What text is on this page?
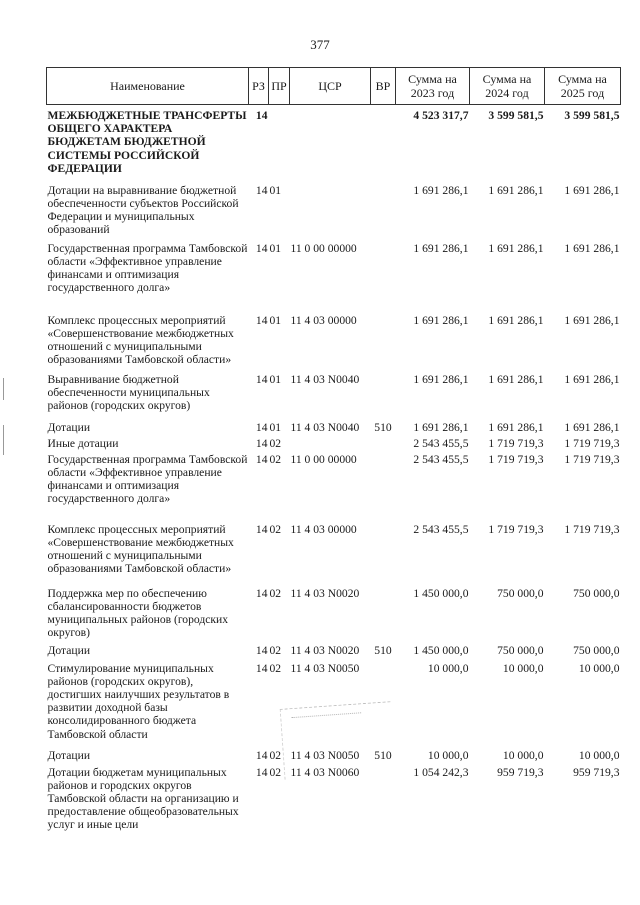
377
Наименование	РЗ	ПР	ЦСР	ВР	Сумма на 2023 год	Сумма на 2024 год	Сумма на 2025 год
МЕЖБЮДЖЕТНЫЕ ТРАНСФЕРТЫ ОБЩЕГО ХАРАКТЕРА БЮДЖЕТАМ БЮДЖЕТНОЙ СИСТЕМЫ РОССИЙСКОЙ ФЕДЕРАЦИИ	14				4 523 317,7	3 599 581,5	3 599 581,5
Дотации на выравнивание бюджетной обеспеченности субъектов Российской Федерации и муниципальных образований	14	01			1 691 286,1	1 691 286,1	1 691 286,1
Государственная программа Тамбовской области «Эффективное управление финансами и оптимизация государственного долга»	14	01	11 0 00 00000		1 691 286,1	1 691 286,1	1 691 286,1
Комплекс процессных мероприятий «Совершенствование межбюджетных отношений с муниципальными образованиями Тамбовской области»	14	01	11 4 03 00000		1 691 286,1	1 691 286,1	1 691 286,1
Выравнивание бюджетной обеспеченности муниципальных районов (городских округов)	14	01	11 4 03 N0040		1 691 286,1	1 691 286,1	1 691 286,1
Дотации	14	01	11 4 03 N0040	510	1 691 286,1	1 691 286,1	1 691 286,1
Иные дотации	14	02			2 543 455,5	1 719 719,3	1 719 719,3
Государственная программа Тамбовской области «Эффективное управление финансами и оптимизация государственного долга»	14	02	11 0 00 00000		2 543 455,5	1 719 719,3	1 719 719,3
Комплекс процессных мероприятий «Совершенствование межбюджетных отношений с муниципальными образованиями Тамбовской области»	14	02	11 4 03 00000		2 543 455,5	1 719 719,3	1 719 719,3
Поддержка мер по обеспечению сбалансированности бюджетов муниципальных районов (городских округов)	14	02	11 4 03 N0020		1 450 000,0	750 000,0	750 000,0
Дотации	14	02	11 4 03 N0020	510	1 450 000,0	750 000,0	750 000,0
Стимулирование муниципальных районов (городских округов), достигших наилучших результатов в развитии доходной базы консолидированного бюджета Тамбовской области	14	02	11 4 03 N0050		10 000,0	10 000,0	10 000,0
Дотации	14	02	11 4 03 N0050	510	10 000,0	10 000,0	10 000,0
Дотации бюджетам муниципальных районов и городских округов Тамбовской области на организацию и предоставление общеобразовательных услуг и иные цели	14	02	11 4 03 N0060		1 054 242,3	959 719,3	959 719,3
